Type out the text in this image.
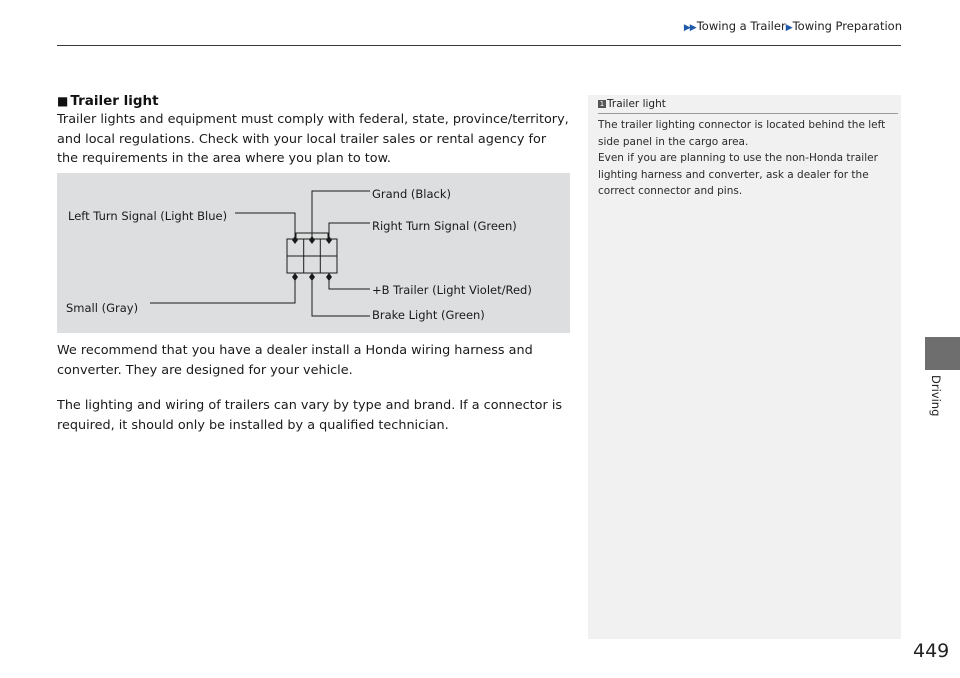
▶▶Towing a Trailer▶Towing Preparation
■ Trailer light

Trailer lights and equipment must comply with federal, state, province/territory, and local regulations. Check with your local trailer sales or rental agency for the requirements in the area where you plan to tow.

Left Turn Signal (Light Blue)
Small (Gray)
Grand (Black)
Right Turn Signal (Green)
+B Trailer (Light Violet/Red)
Brake Light (Green)

We recommend that you have a dealer install a Honda wiring harness and converter. They are designed for your vehicle.

The lighting and wiring of trailers can vary by type and brand. If a connector is required, it should only be installed by a qualified technician.

1 Trailer light

The trailer lighting connector is located behind the left side panel in the cargo area.
Even if you are planning to use the non-Honda trailer lighting harness and converter, ask a dealer for the correct connector and pins.

Driving
449
